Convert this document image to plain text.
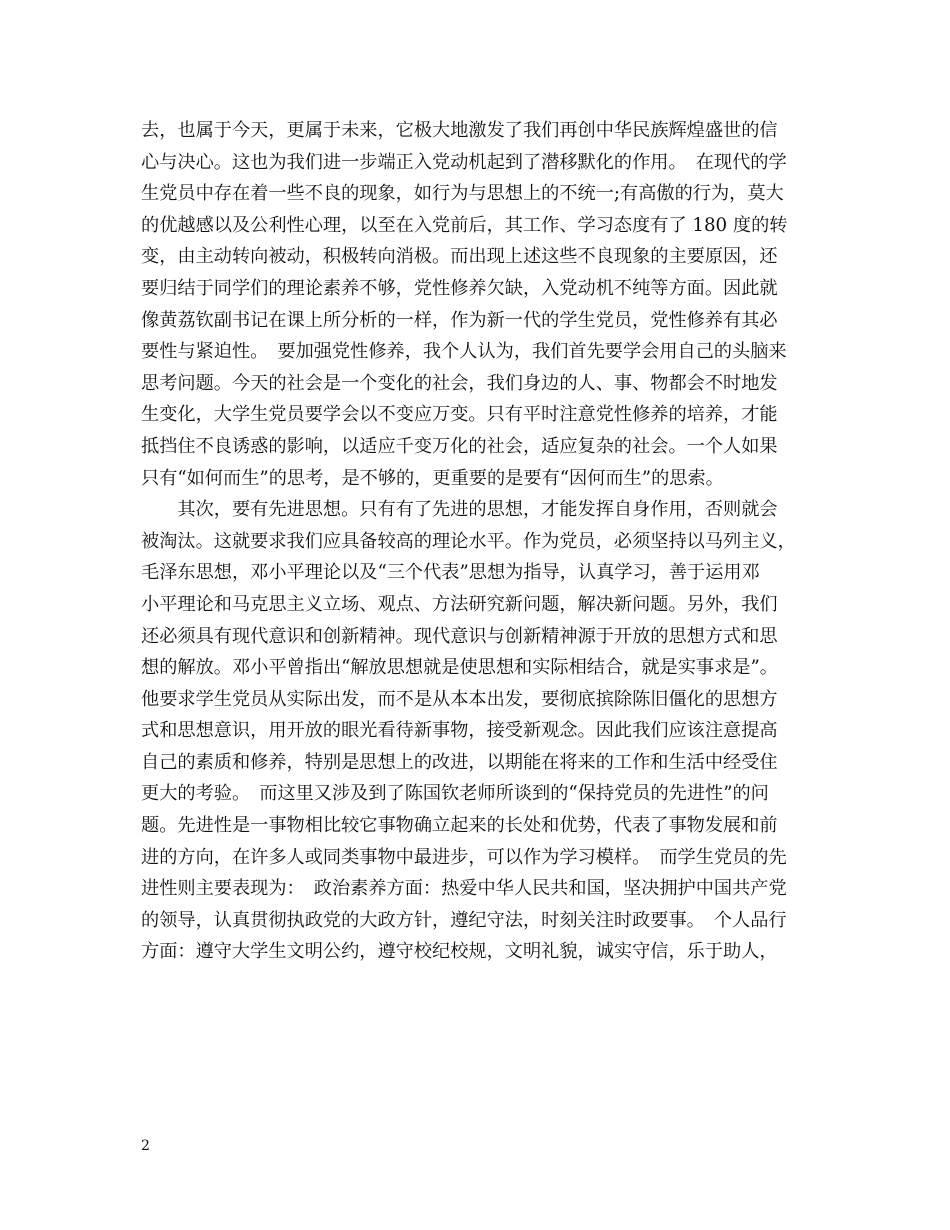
去，也属于今天，更属于未来，它极大地激发了我们再创中华民族辉煌盛世的信
心与决心。这也为我们进一步端正入党动机起到了潜移默化的作用。　在现代的学
生党员中存在着一些不良的现象，如行为与思想上的不统一;有高傲的行为，莫大
的优越感以及公利性心理，以至在入党前后，其工作、学习态度有了 180 度的转
变，由主动转向被动，积极转向消极。而出现上述这些不良现象的主要原因，还
要归结于同学们的理论素养不够，党性修养欠缺，入党动机不纯等方面。因此就
像黄荔钦副书记在课上所分析的一样，作为新一代的学生党员，党性修养有其必
要性与紧迫性。　要加强党性修养，我个人认为，我们首先要学会用自己的头脑来
思考问题。今天的社会是一个变化的社会，我们身边的人、事、物都会不时地发
生变化，大学生党员要学会以不变应万变。只有平时注意党性修养的培养，才能
抵挡住不良诱惑的影响，以适应千变万化的社会，适应复杂的社会。一个人如果
只有“如何而生”的思考，是不够的，更重要的是要有“因何而生”的思索。
　　其次，要有先进思想。只有有了先进的思想，才能发挥自身作用，否则就会
被淘汰。这就要求我们应具备较高的理论水平。作为党员，必须坚持以马列主义，
毛泽东思想，邓小平理论以及“三个代表”思想为指导，认真学习，善于运用邓
小平理论和马克思主义立场、观点、方法研究新问题，解决新问题。另外，我们
还必须具有现代意识和创新精神。现代意识与创新精神源于开放的思想方式和思
想的解放。邓小平曾指出“解放思想就是使思想和实际相结合，就是实事求是”。
他要求学生党员从实际出发，而不是从本本出发，要彻底摈除陈旧僵化的思想方
式和思想意识，用开放的眼光看待新事物，接受新观念。因此我们应该注意提高
自己的素质和修养，特别是思想上的改进，以期能在将来的工作和生活中经受住
更大的考验。　而这里又涉及到了陈国钦老师所谈到的“保持党员的先进性”的问
题。先进性是一事物相比较它事物确立起来的长处和优势，代表了事物发展和前
进的方向，在许多人或同类事物中最进步，可以作为学习模样。　而学生党员的先
进性则主要表现为：　政治素养方面：热爱中华人民共和国，坚决拥护中国共产党
的领导，认真贯彻执政党的大政方针，遵纪守法，时刻关注时政要事。　个人品行
方面：遵守大学生文明公约，遵守校纪校规，文明礼貌，诚实守信，乐于助人，
2
